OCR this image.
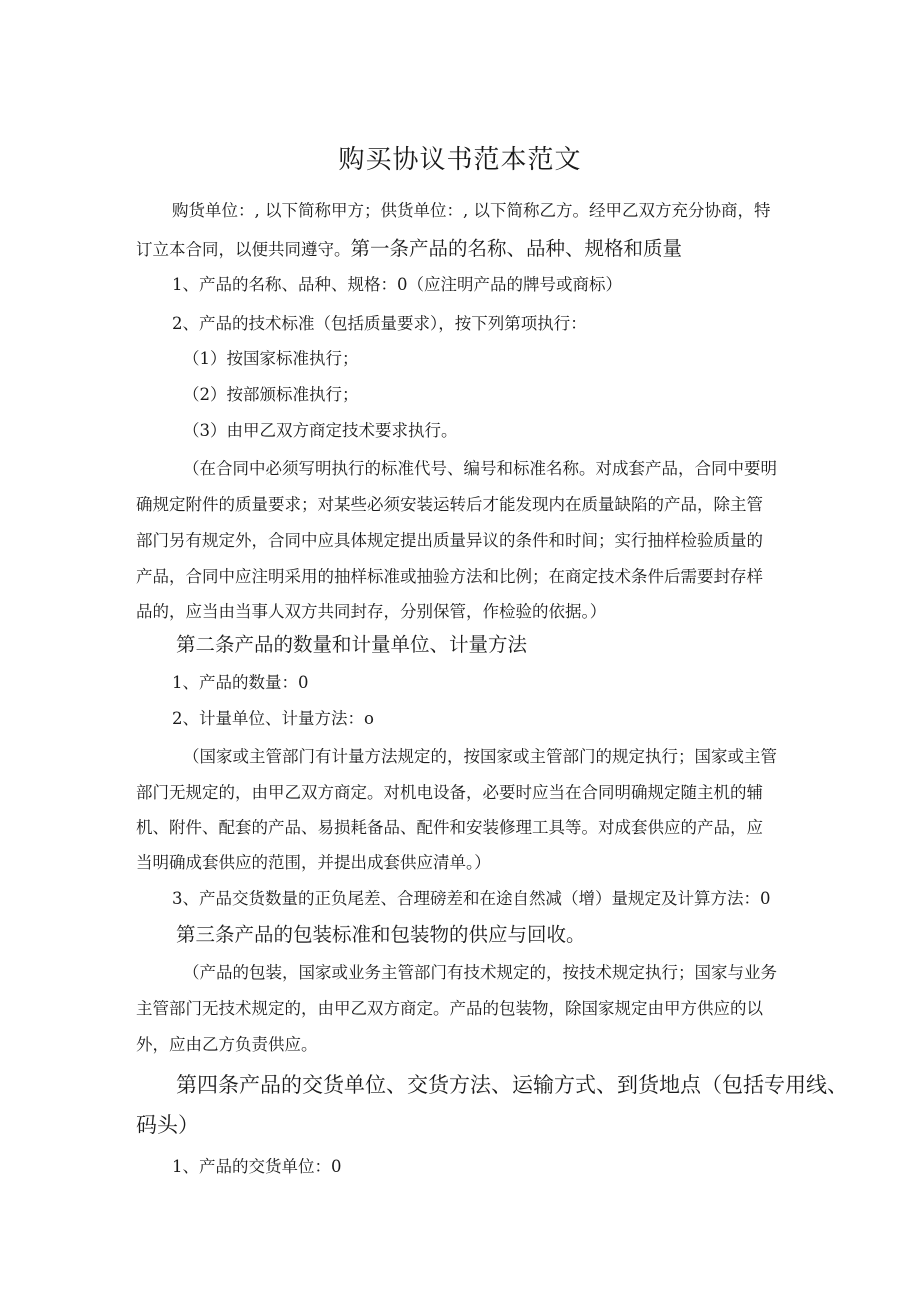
购买协议书范本范文
购货单位：, 以下简称甲方；供货单位：, 以下简称乙方。经甲乙双方充分协商，特
订立本合同，以便共同遵守。第一条产品的名称、品种、规格和质量
1、产品的名称、品种、规格：0（应注明产品的牌号或商标）
2、产品的技术标准（包括质量要求），按下列第项执行：
（1）按国家标准执行；
（2）按部颁标准执行；
（3）由甲乙双方商定技术要求执行。
（在合同中必须写明执行的标准代号、编号和标准名称。对成套产品，合同中要明
确规定附件的质量要求；对某些必须安装运转后才能发现内在质量缺陷的产品，除主管
部门另有规定外，合同中应具体规定提出质量异议的条件和时间；实行抽样检验质量的
产品，合同中应注明采用的抽样标准或抽验方法和比例；在商定技术条件后需要封存样
品的，应当由当事人双方共同封存，分别保管，作检验的依据。）
第二条产品的数量和计量单位、计量方法
1、产品的数量：0
2、计量单位、计量方法：o
（国家或主管部门有计量方法规定的，按国家或主管部门的规定执行；国家或主管
部门无规定的，由甲乙双方商定。对机电设备，必要时应当在合同明确规定随主机的辅
机、附件、配套的产品、易损耗备品、配件和安装修理工具等。对成套供应的产品，应
当明确成套供应的范围，并提出成套供应清单。）
3、产品交货数量的正负尾差、合理磅差和在途自然减（增）量规定及计算方法：0
第三条产品的包装标准和包装物的供应与回收。
（产品的包装，国家或业务主管部门有技术规定的，按技术规定执行；国家与业务
主管部门无技术规定的，由甲乙双方商定。产品的包装物，除国家规定由甲方供应的以
外，应由乙方负责供应。
第四条产品的交货单位、交货方法、运输方式、到货地点（包括专用线、
码头）
1、产品的交货单位：0
